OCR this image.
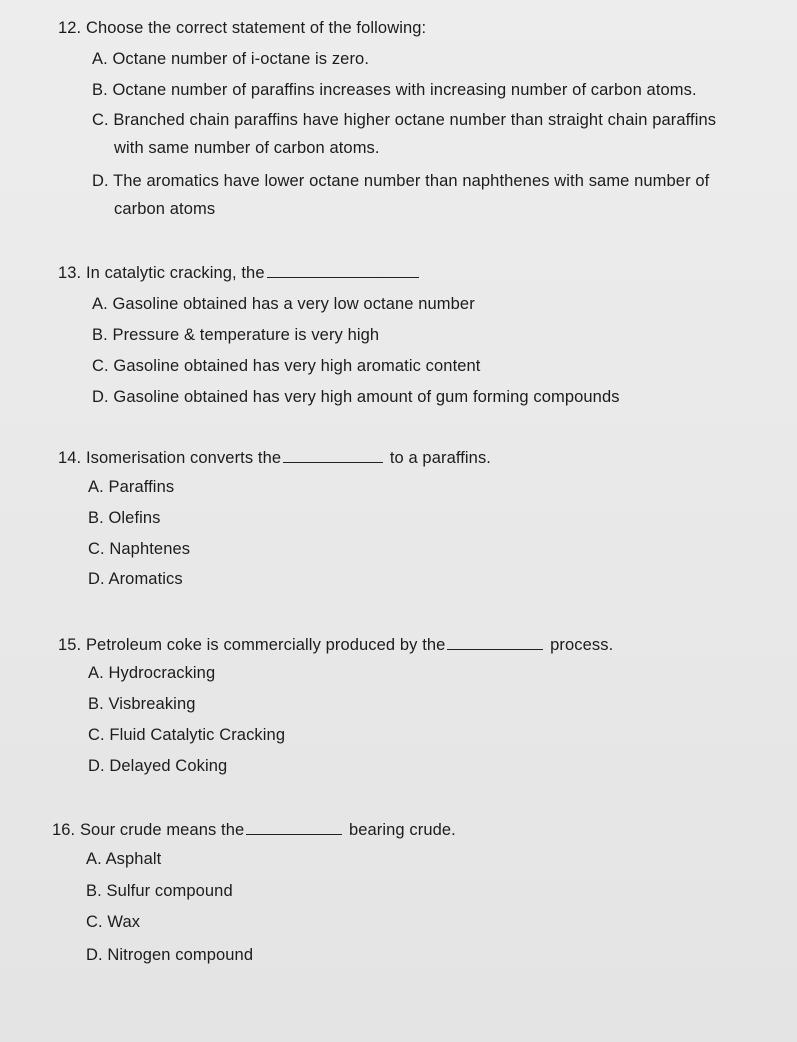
12. Choose the correct statement of the following:
A. Octane number of i-octane is zero.
B. Octane number of paraffins increases with increasing number of carbon atoms.
C. Branched chain paraffins have higher octane number than straight chain paraffins
with same number of carbon atoms.
D. The aromatics have lower octane number than naphthenes with same number of
carbon atoms
13. In catalytic cracking, the
A. Gasoline obtained has a very low octane number
B. Pressure & temperature is very high
C. Gasoline obtained has very high aromatic content
D. Gasoline obtained has very high amount of gum forming compounds
14. Isomerisation converts the	to a paraffins.
A. Paraffins
B. Olefins
C. Naphtenes
D. Aromatics
15. Petroleum coke is commercially produced by the	process.
A. Hydrocracking
B. Visbreaking
C. Fluid Catalytic Cracking
D. Delayed Coking
16. Sour crude means the	bearing crude.
A. Asphalt
B. Sulfur compound
C. Wax
D. Nitrogen compound
